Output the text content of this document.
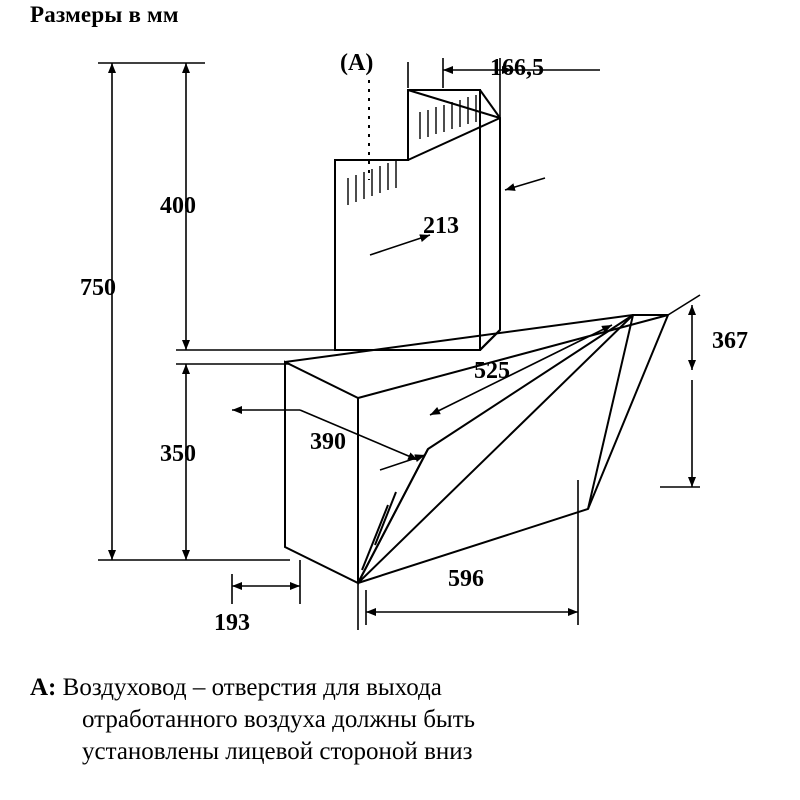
Размеры в мм
(A)
750
400
350
166,5
213
367
525
390
193
596
A: Воздуховод – отверстия для выхода
отработанного воздуха должны быть
установлены лицевой стороной вниз
